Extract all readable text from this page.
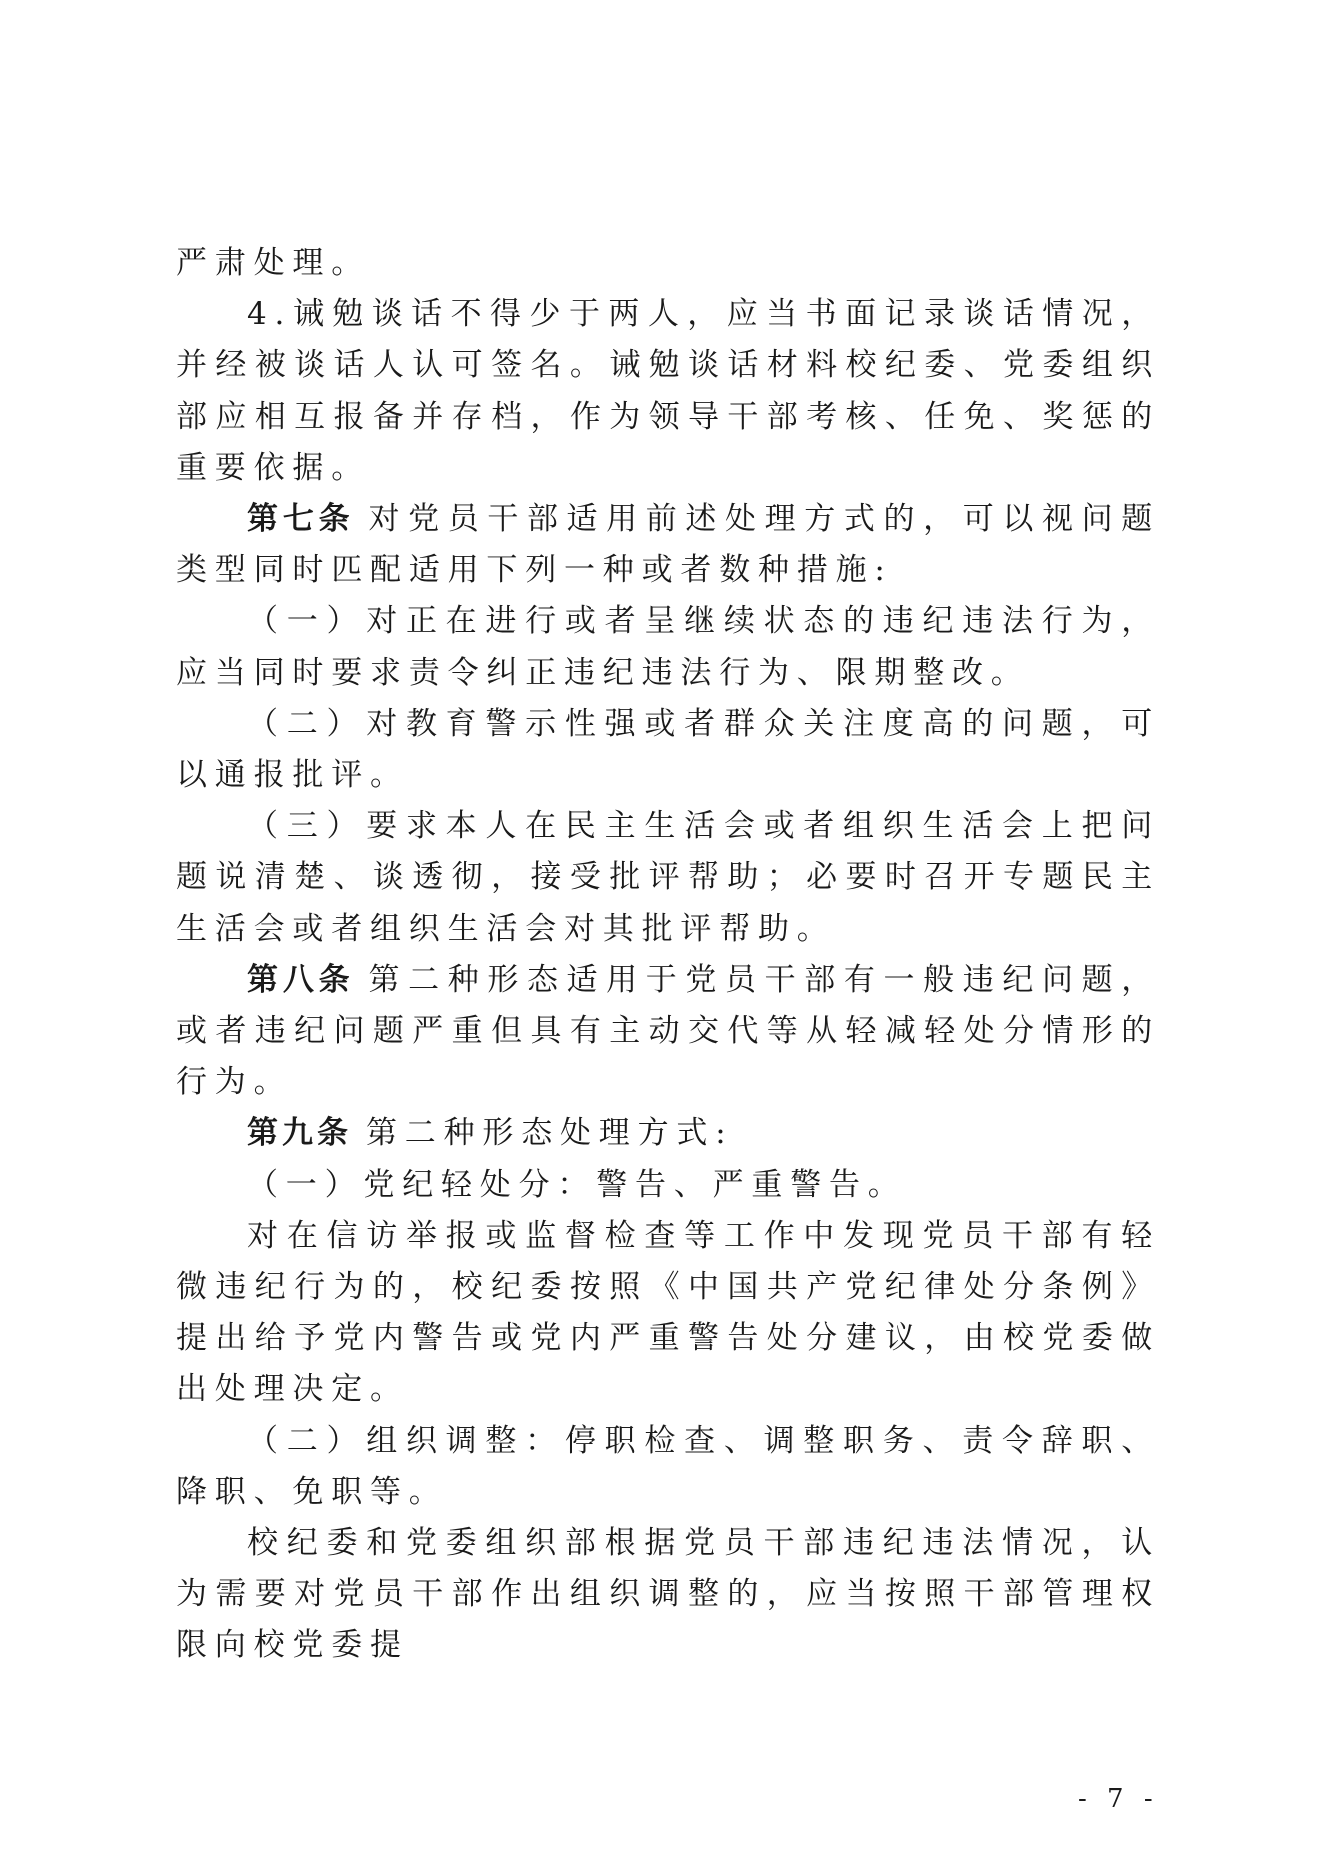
严肃处理。

4.诫勉谈话不得少于两人，应当书面记录谈话情况，并经被谈话人认可签名。诫勉谈话材料校纪委、党委组织部应相互报备并存档，作为领导干部考核、任免、奖惩的重要依据。

第七条 对党员干部适用前述处理方式的，可以视问题类型同时匹配适用下列一种或者数种措施:

（一）对正在进行或者呈继续状态的违纪违法行为，应当同时要求责令纠正违纪违法行为、限期整改。

（二）对教育警示性强或者群众关注度高的问题，可以通报批评。

（三）要求本人在民主生活会或者组织生活会上把问题说清楚、谈透彻，接受批评帮助；必要时召开专题民主生活会或者组织生活会对其批评帮助。

第八条 第二种形态适用于党员干部有一般违纪问题，或者违纪问题严重但具有主动交代等从轻减轻处分情形的行为。

第九条 第二种形态处理方式:

（一）党纪轻处分：警告、严重警告。

对在信访举报或监督检查等工作中发现党员干部有轻微违纪行为的，校纪委按照《中国共产党纪律处分条例》提出给予党内警告或党内严重警告处分建议，由校党委做出处理决定。

（二）组织调整：停职检查、调整职务、责令辞职、降职、免职等。

校纪委和党委组织部根据党员干部违纪违法情况，认为需要对党员干部作出组织调整的，应当按照干部管理权限向校党委提

- 7 -
